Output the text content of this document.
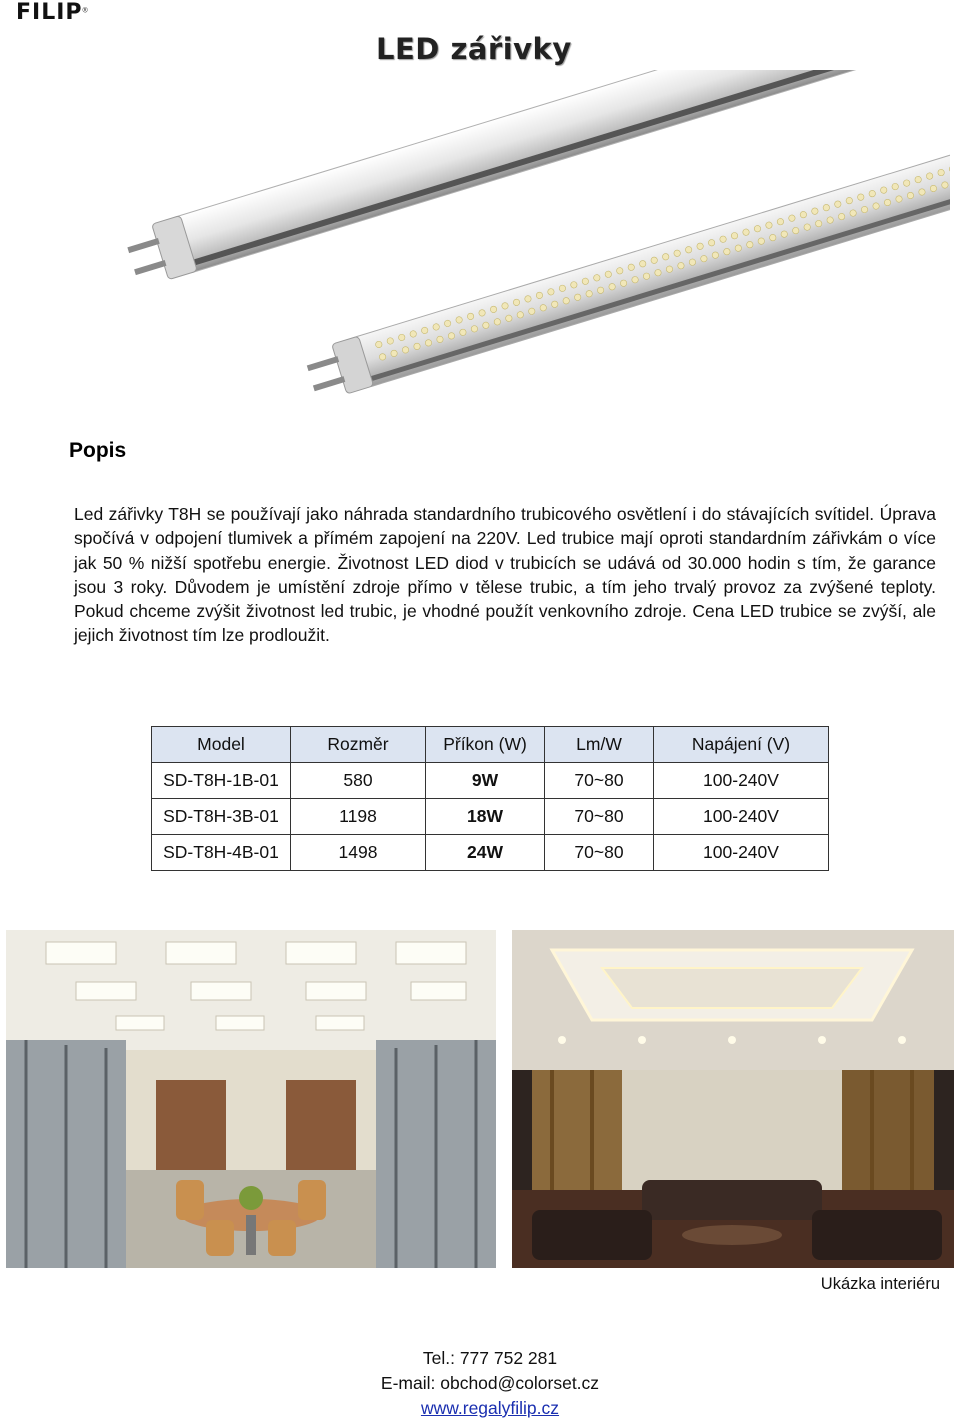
FILIP®
LED zářivky
Popis
Led zářivky T8H se používají jako náhrada standardního trubicového osvětlení i do stávajících svítidel. Úprava spočívá v odpojení tlumivek a přímém zapojení na 220V. Led trubice mají oproti standardním zářivkám o více jak 50 % nižší spotřebu energie. Životnost LED diod v trubicích se udává od 30.000 hodin s tím, že garance jsou 3 roky. Důvodem je umístění zdroje přímo v tělese trubic, a tím jeho trvalý provoz za zvýšené teploty. Pokud chceme zvýšit životnost led trubic, je vhodné použít venkovního zdroje. Cena LED trubice se zvýší, ale jejich životnost tím lze prodloužit.
Model	Rozměr	Příkon (W)	Lm/W	Napájení (V)
SD-T8H-1B-01	580	9W	70~80	100-240V
SD-T8H-3B-01	1198	18W	70~80	100-240V
SD-T8H-4B-01	1498	24W	70~80	100-240V
Ukázka interiéru
Tel.: 777 752 281
E-mail: obchod@colorset.cz
www.regalyfilip.cz
